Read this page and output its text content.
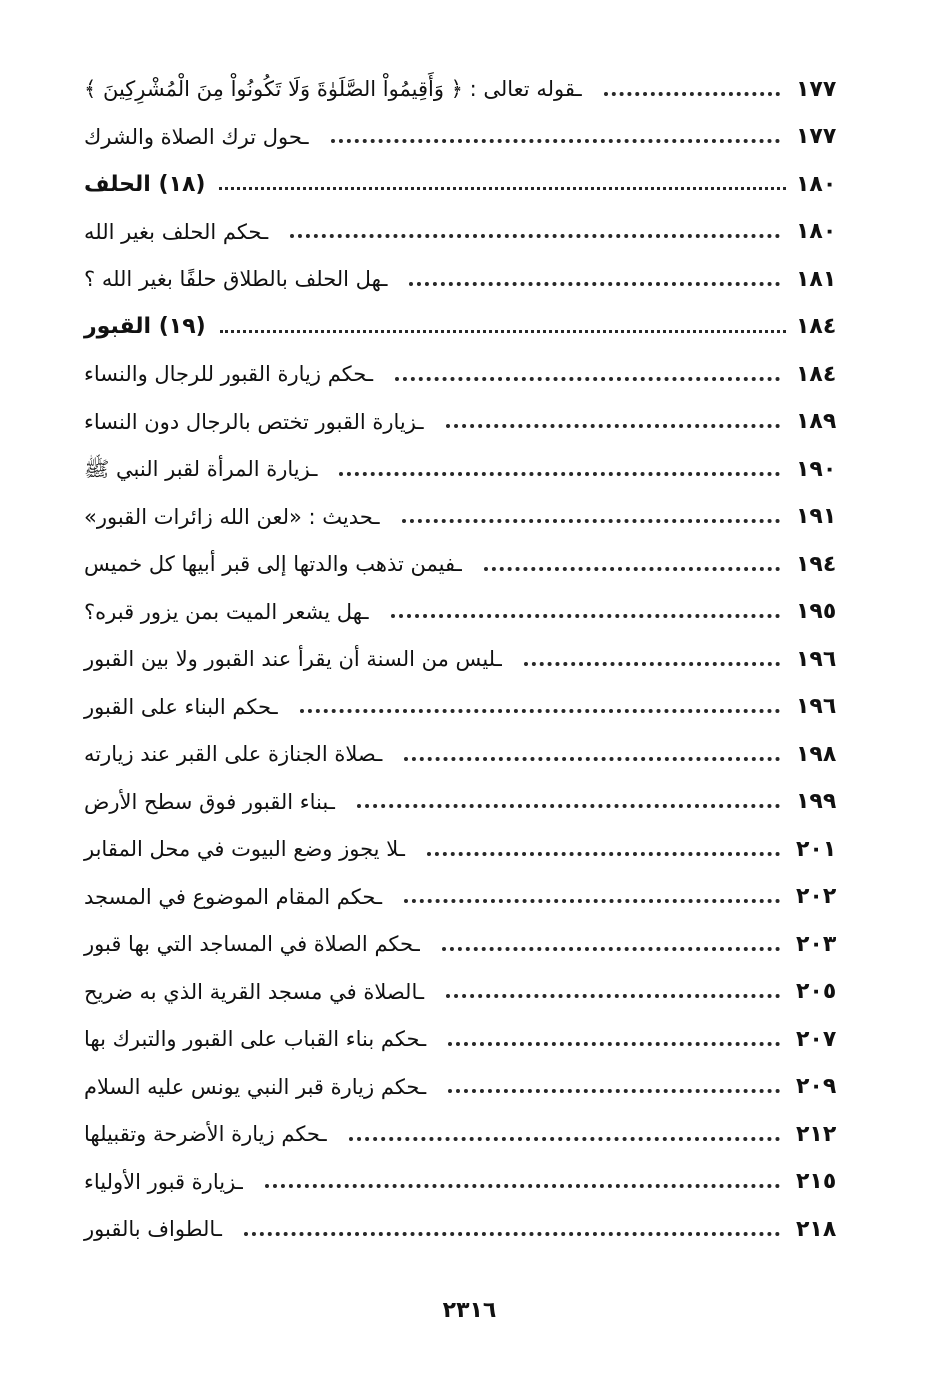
ـقوله تعالى : ﴿ وَأَقِيمُواْ الصَّلَوٰةَ وَلَا تَكُونُواْ مِنَ الْمُشْرِكِينَ ﴾	١٧٧
ـحول ترك الصلاة والشرك	١٧٧
(١٨) الحلف	١٨٠
ـحكم الحلف بغير الله	١٨٠
ـهل الحلف بالطلاق حلفًا بغير الله ؟	١٨١
(١٩) القبور	١٨٤
ـحكم زيارة القبور للرجال والنساء	١٨٤
ـزيارة القبور تختص بالرجال دون النساء	١٨٩
ـزيارة المرأة لقبر النبي ﷺ	١٩٠
ـحديث : «لعن الله زائرات القبور»	١٩١
ـفيمن تذهب والدتها إلى قبر أبيها كل خميس	١٩٤
ـهل يشعر الميت بمن يزور قبره؟	١٩٥
ـليس من السنة أن يقرأ عند القبور ولا بين القبور	١٩٦
ـحكم البناء على القبور	١٩٦
ـصلاة الجنازة على القبر عند زيارته	١٩٨
ـبناء القبور فوق سطح الأرض	١٩٩
ـلا يجوز وضع البيوت في محل المقابر	٢٠١
ـحكم المقام الموضوع في المسجد	٢٠٢
ـحكم الصلاة في المساجد التي بها قبور	٢٠٣
ـالصلاة في مسجد القرية الذي به ضريح	٢٠٥
ـحكم بناء القباب على القبور والتبرك بها	٢٠٧
ـحكم زيارة قبر النبي يونس عليه السلام	٢٠٩
ـحكم زيارة الأضرحة وتقبيلها	٢١٢
ـزيارة قبور الأولياء	٢١٥
ـالطواف بالقبور	٢١٨
٢٣١٦
